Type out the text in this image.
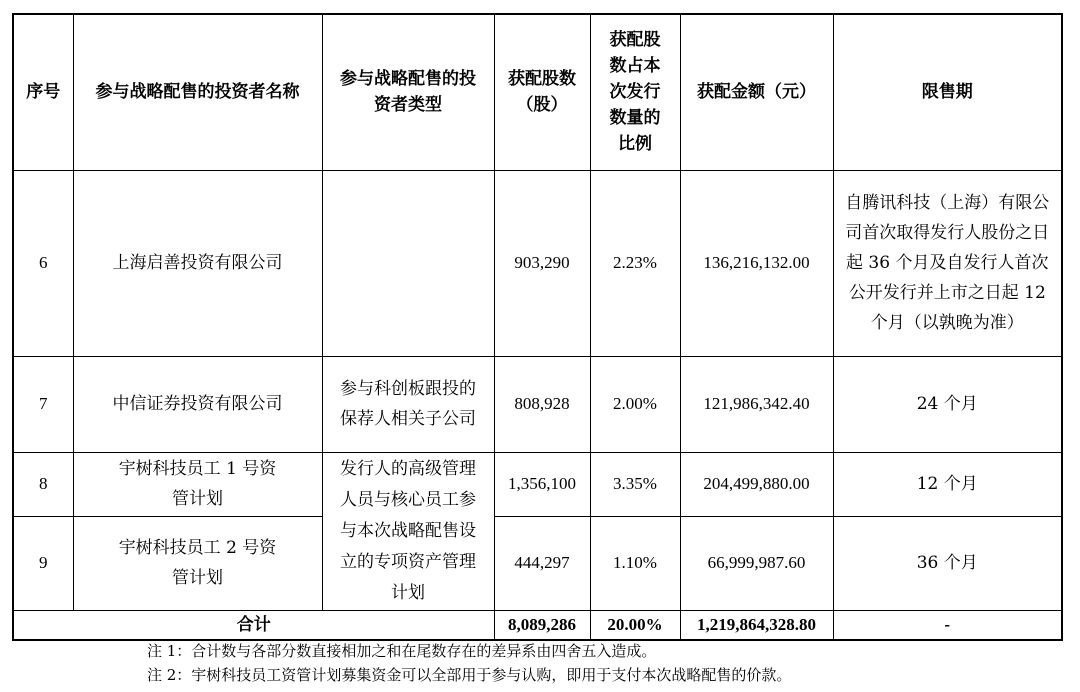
序号	参与战略配售的投资者名称	参与战略配售的投资者类型	获配股数（股）	获配股数占本次发行数量的比例	获配金额（元）	限售期
6	上海启善投资有限公司		903,290	2.23%	136,216,132.00	自腾讯科技（上海）有限公司首次取得发行人股份之日起 36 个月及自发行人首次公开发行并上市之日起 12 个月（以孰晚为准）

7	中信证券投资有限公司	参与科创板跟投的保荐人相关子公司	808,928	2.00%	121,986,342.40	24 个月
8	宇树科技员工 1 号资管计划	发行人的高级管理人员与核心员工参与本次战略配售设立的专项资产管理计划	1,356,100	3.35%	204,499,880.00	12 个月
9	宇树科技员工 2 号资管计划		444,297	1.10%	66,999,987.60	36 个月
合计			8,089,286	20.00%	1,219,864,328.80	-
注 1：合计数与各部分数直接相加之和在尾数存在的差异系由四舍五入造成。
注 2：宇树科技员工资管计划募集资金可以全部用于参与认购，即用于支付本次战略配售的价款。
